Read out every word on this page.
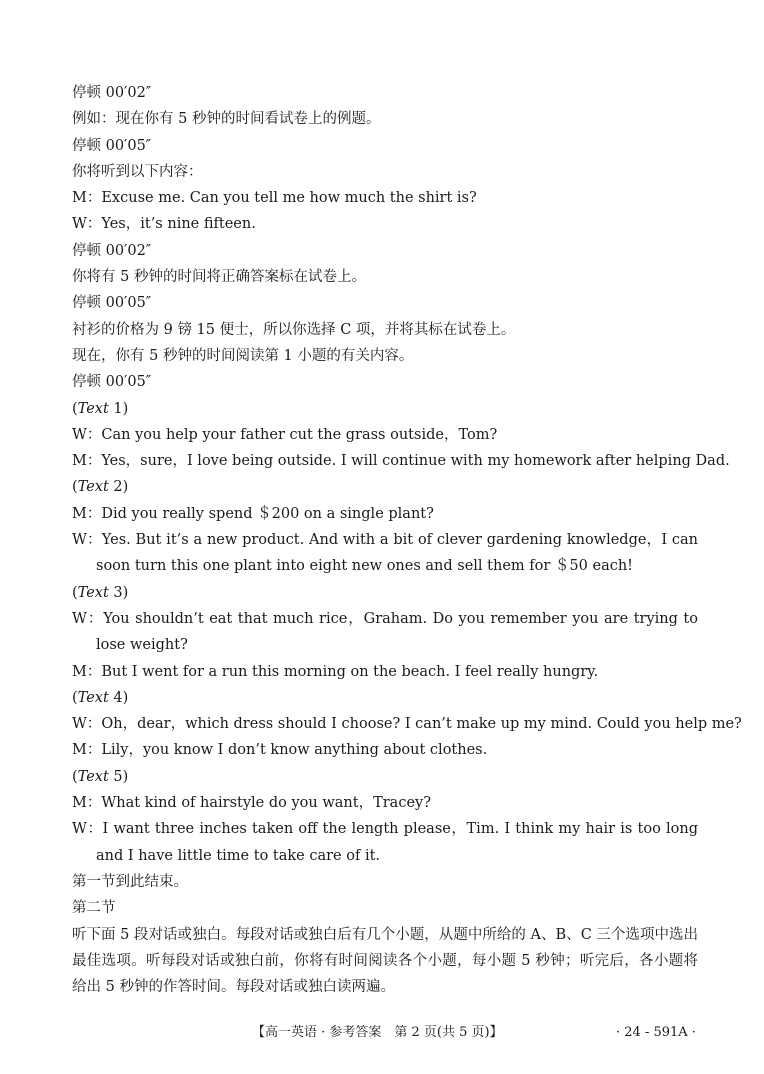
停顿 00′02″
例如：现在你有 5 秒钟的时间看试卷上的例题。
停顿 00′05″
你将听到以下内容：
M：Excuse me. Can you tell me how much the shirt is?
W：Yes，it’s nine fifteen.
停顿 00′02″
你将有 5 秒钟的时间将正确答案标在试卷上。
停顿 00′05″
衬衫的价格为 9 镑 15 便士，所以你选择 C 项，并将其标在试卷上。
现在，你有 5 秒钟的时间阅读第 1 小题的有关内容。
停顿 00′05″
(Text 1)
W：Can you help your father cut the grass outside，Tom?
M：Yes，sure，I love being outside. I will continue with my homework after helping Dad.
(Text 2)
M：Did you really spend ＄200 on a single plant?
W：Yes. But it’s a new product. And with a bit of clever gardening knowledge，I can soon turn this one plant into eight new ones and sell them for ＄50 each!
(Text 3)
W：You shouldn’t eat that much rice，Graham. Do you remember you are trying to lose weight?
M：But I went for a run this morning on the beach. I feel really hungry.
(Text 4)
W：Oh，dear，which dress should I choose? I can’t make up my mind. Could you help me?
M：Lily，you know I don’t know anything about clothes.
(Text 5)
M：What kind of hairstyle do you want，Tracey?
W：I want three inches taken off the length please，Tim. I think my hair is too long and I have little time to take care of it.
第一节到此结束。
第二节
听下面 5 段对话或独白。每段对话或独白后有几个小题，从题中所给的 A、B、C 三个选项中选出最佳选项。听每段对话或独白前，你将有时间阅读各个小题，每小题 5 秒钟；听完后，各小题将给出 5 秒钟的作答时间。每段对话或独白读两遍。
【高一英语 · 参考答案　第 2 页(共 5 页)】	· 24 - 591A ·
